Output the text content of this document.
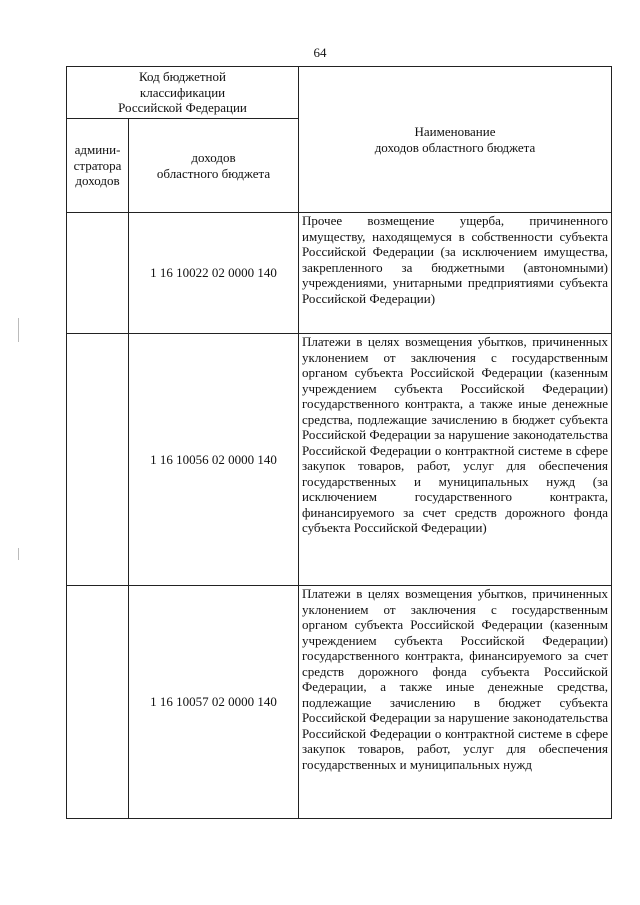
64
Код бюджетной
классификации
Российской Федерации		Наименование
доходов областного бюджета
админи-
стратора
доходов	доходов
областного бюджета	
	1 16 10022 02 0000 140	Прочее возмещение ущерба, причиненного имуществу, находящемуся в собственности субъекта Российской Федерации (за исключением имущества, закрепленного за бюджетными (автономными) учреждениями, унитарными предприятиями субъекта Российской Федерации)
	1 16 10056 02 0000 140	Платежи в целях возмещения убытков, причиненных уклонением от заключения с государственным органом субъекта Российской Федерации (казенным учреждением субъекта Российской Федерации) государственного контракта, а также иные денежные средства, подлежащие зачислению в бюджет субъекта Российской Федерации за нарушение законодательства Российской Федерации о контрактной системе в сфере закупок товаров, работ, услуг для обеспечения государственных и муниципальных нужд (за исключением государственного контракта, финансируемого за счет средств дорожного фонда субъекта Российской Федерации)
	1 16 10057 02 0000 140	Платежи в целях возмещения убытков, причиненных уклонением от заключения с государственным органом субъекта Российской Федерации (казенным учреждением субъекта Российской Федерации) государственного контракта, финансируемого за счет средств дорожного фонда субъекта Российской Федерации, а также иные денежные средства, подлежащие зачислению в бюджет субъекта Российской Федерации за нарушение законодательства Российской Федерации о контрактной системе в сфере закупок товаров, работ, услуг для обеспечения государственных и муниципальных нужд
